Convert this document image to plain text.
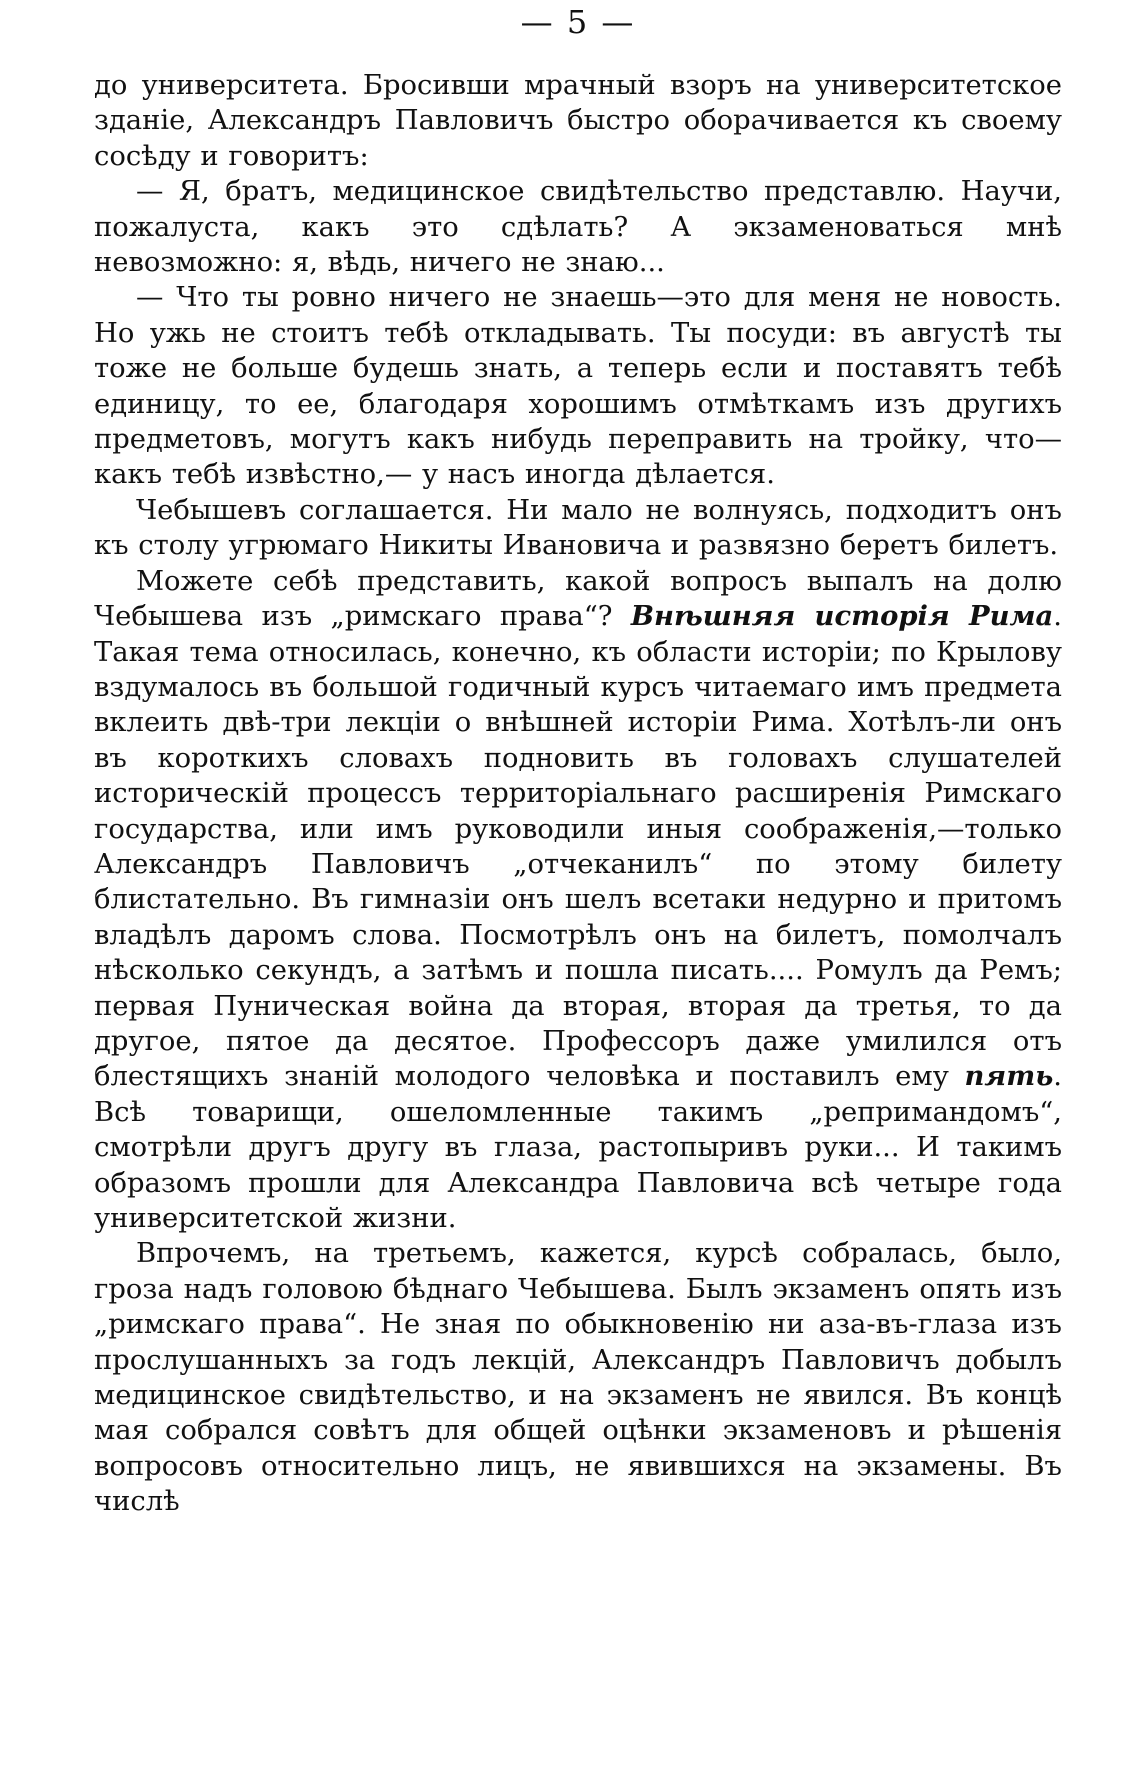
— 5 —

до университета. Бросивши мрачный взоръ на университетское зданіе, Александръ Павловичъ быстро оборачивается къ своему сосѣду и говоритъ:

— Я, братъ, медицинское свидѣтельство представлю. Научи, пожалуста, какъ это сдѣлать? А экзаменоваться мнѣ невозможно: я, вѣдь, ничего не знаю...

— Что ты ровно ничего не знаешь—это для меня не новость. Но ужь не стоитъ тебѣ откладывать. Ты посуди: въ августѣ ты тоже не больше будешь знать, а теперь если и поставятъ тебѣ единицу, то ее, благодаря хорошимъ отмѣткамъ изъ другихъ предметовъ, могутъ какъ нибудь переправить на тройку, что—какъ тебѣ извѣстно,— у насъ иногда дѣлается.

Чебышевъ соглашается. Ни мало не волнуясь, подходитъ онъ къ столу угрюмаго Никиты Ивановича и развязно беретъ билетъ.

Можете себѣ представить, какой вопросъ выпалъ на долю Чебышева изъ „римскаго права“? Внѣшняя исторія Рима. Такая тема относилась, конечно, къ области исторіи; по Крылову вздумалось въ большой годичный курсъ читаемаго имъ предмета вклеить двѣ-три лекціи о внѣшней исторіи Рима. Хотѣлъ-ли онъ въ короткихъ словахъ подновить въ головахъ слушателей историческій процессъ территоріальнаго расширенія Римскаго государства, или имъ руководили иныя соображенія,—только Александръ Павловичъ „отчеканилъ“ по этому билету блистательно. Въ гимназіи онъ шелъ всетаки недурно и притомъ владѣлъ даромъ слова. Посмотрѣлъ онъ на билетъ, помолчалъ нѣсколько секундъ, а затѣмъ и пошла писать.... Ромулъ да Ремъ; первая Пуническая война да вторая, вторая да третья, то да другое, пятое да десятое. Профессоръ даже умилился отъ блестящихъ знаній молодого человѣка и поставилъ ему пять. Всѣ товарищи, ошеломленные такимъ „репримандомъ“, смотрѣли другъ другу въ глаза, растопыривъ руки... И такимъ образомъ прошли для Александра Павловича всѣ четыре года университетской жизни.

Впрочемъ, на третьемъ, кажется, курсѣ собралась, было, гроза надъ головою бѣднаго Чебышева. Былъ экзаменъ опять изъ „римскаго права“. Не зная по обыкновенію ни аза-въ-глаза изъ прослушанныхъ за годъ лекцій, Александръ Павловичъ добылъ медицинское свидѣтельство, и на экзаменъ не явился. Въ концѣ мая собрался совѣтъ для общей оцѣнки экзаменовъ и рѣшенія вопросовъ относительно лицъ, не явившихся на экзамены. Въ числѣ
